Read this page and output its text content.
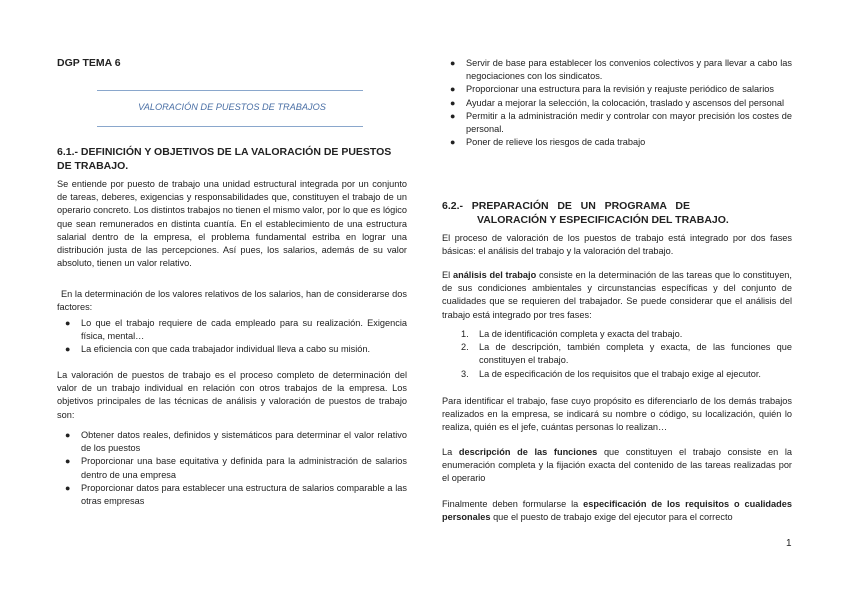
DGP TEMA 6

VALORACIÓN DE PUESTOS DE TRABAJOS

6.1.- DEFINICIÓN Y OBJETIVOS DE LA VALORACIÓN DE PUESTOS DE TRABAJO.

Se entiende por puesto de trabajo una unidad estructural integrada por un conjunto de tareas, deberes, exigencias y responsabilidades que, constituyen el trabajo de un operario concreto. Los distintos trabajos no tienen el mismo valor, por lo que es lógico que sean remunerados en distinta cuantía. En el establecimiento de una estructura salarial dentro de la empresa, el problema fundamental estriba en lograr una distribución justa de las percepciones. Así pues, los salarios, además de su valor absoluto, tienen un valor relativo.

En la determinación de los valores relativos de los salarios, han de considerarse dos factores:

● Lo que el trabajo requiere de cada empleado para su realización. Exigencia física, mental…
● La eficiencia con que cada trabajador individual lleva a cabo su misión.

La valoración de puestos de trabajo es el proceso completo de determinación del valor de un trabajo individual en relación con otros trabajos de la empresa. Los objetivos principales de las técnicas de análisis y valoración de puestos de trabajo son:

● Obtener datos reales, definidos y sistemáticos para determinar el valor relativo de los puestos
● Proporcionar una base equitativa y definida para la administración de salarios dentro de una empresa
● Proporcionar datos para establecer una estructura de salarios comparable a las otras empresas
● Servir de base para establecer los convenios colectivos y para llevar a cabo las negociaciones con los sindicatos.
● Proporcionar una estructura para la revisión y reajuste periódico de salarios
● Ayudar a mejorar la selección, la colocación, traslado y ascensos del personal
● Permitir a la administración medir y controlar con mayor precisión los costes de personal.
● Poner de relieve los riesgos de cada trabajo

6.2.-   PREPARACIÓN   DE   UN   PROGRAMA   DE

VALORACIÓN Y ESPECIFICACIÓN DEL TRABAJO.

El proceso de valoración de los puestos de trabajo está integrado por dos fases básicas: el análisis del trabajo y la valoración del trabajo.

El análisis del trabajo consiste en la determinación de las tareas que lo constituyen, de sus condiciones ambientales y circunstancias específicas y del conjunto de cualidades que se requieren del trabajador. Se puede considerar que el análisis del trabajo está integrado por tres fases:

1. La de identificación completa y exacta del trabajo.
2. La de descripción, también completa y exacta, de las funciones que constituyen el trabajo.
3. La de especificación de los requisitos que el trabajo exige al ejecutor.

Para identificar el trabajo, fase cuyo propósito es diferenciarlo de los demás trabajos realizados en la empresa, se indicará su nombre o código, su localización, quién lo realiza, quién es el jefe, cuántas personas lo realizan…

La descripción de las funciones que constituyen el trabajo consiste en la enumeración completa y la fijación exacta del contenido de las tareas realizadas por el operario

Finalmente deben formularse la especificación de los requisitos o cualidades personales que el puesto de trabajo exige del ejecutor para el correcto

1
